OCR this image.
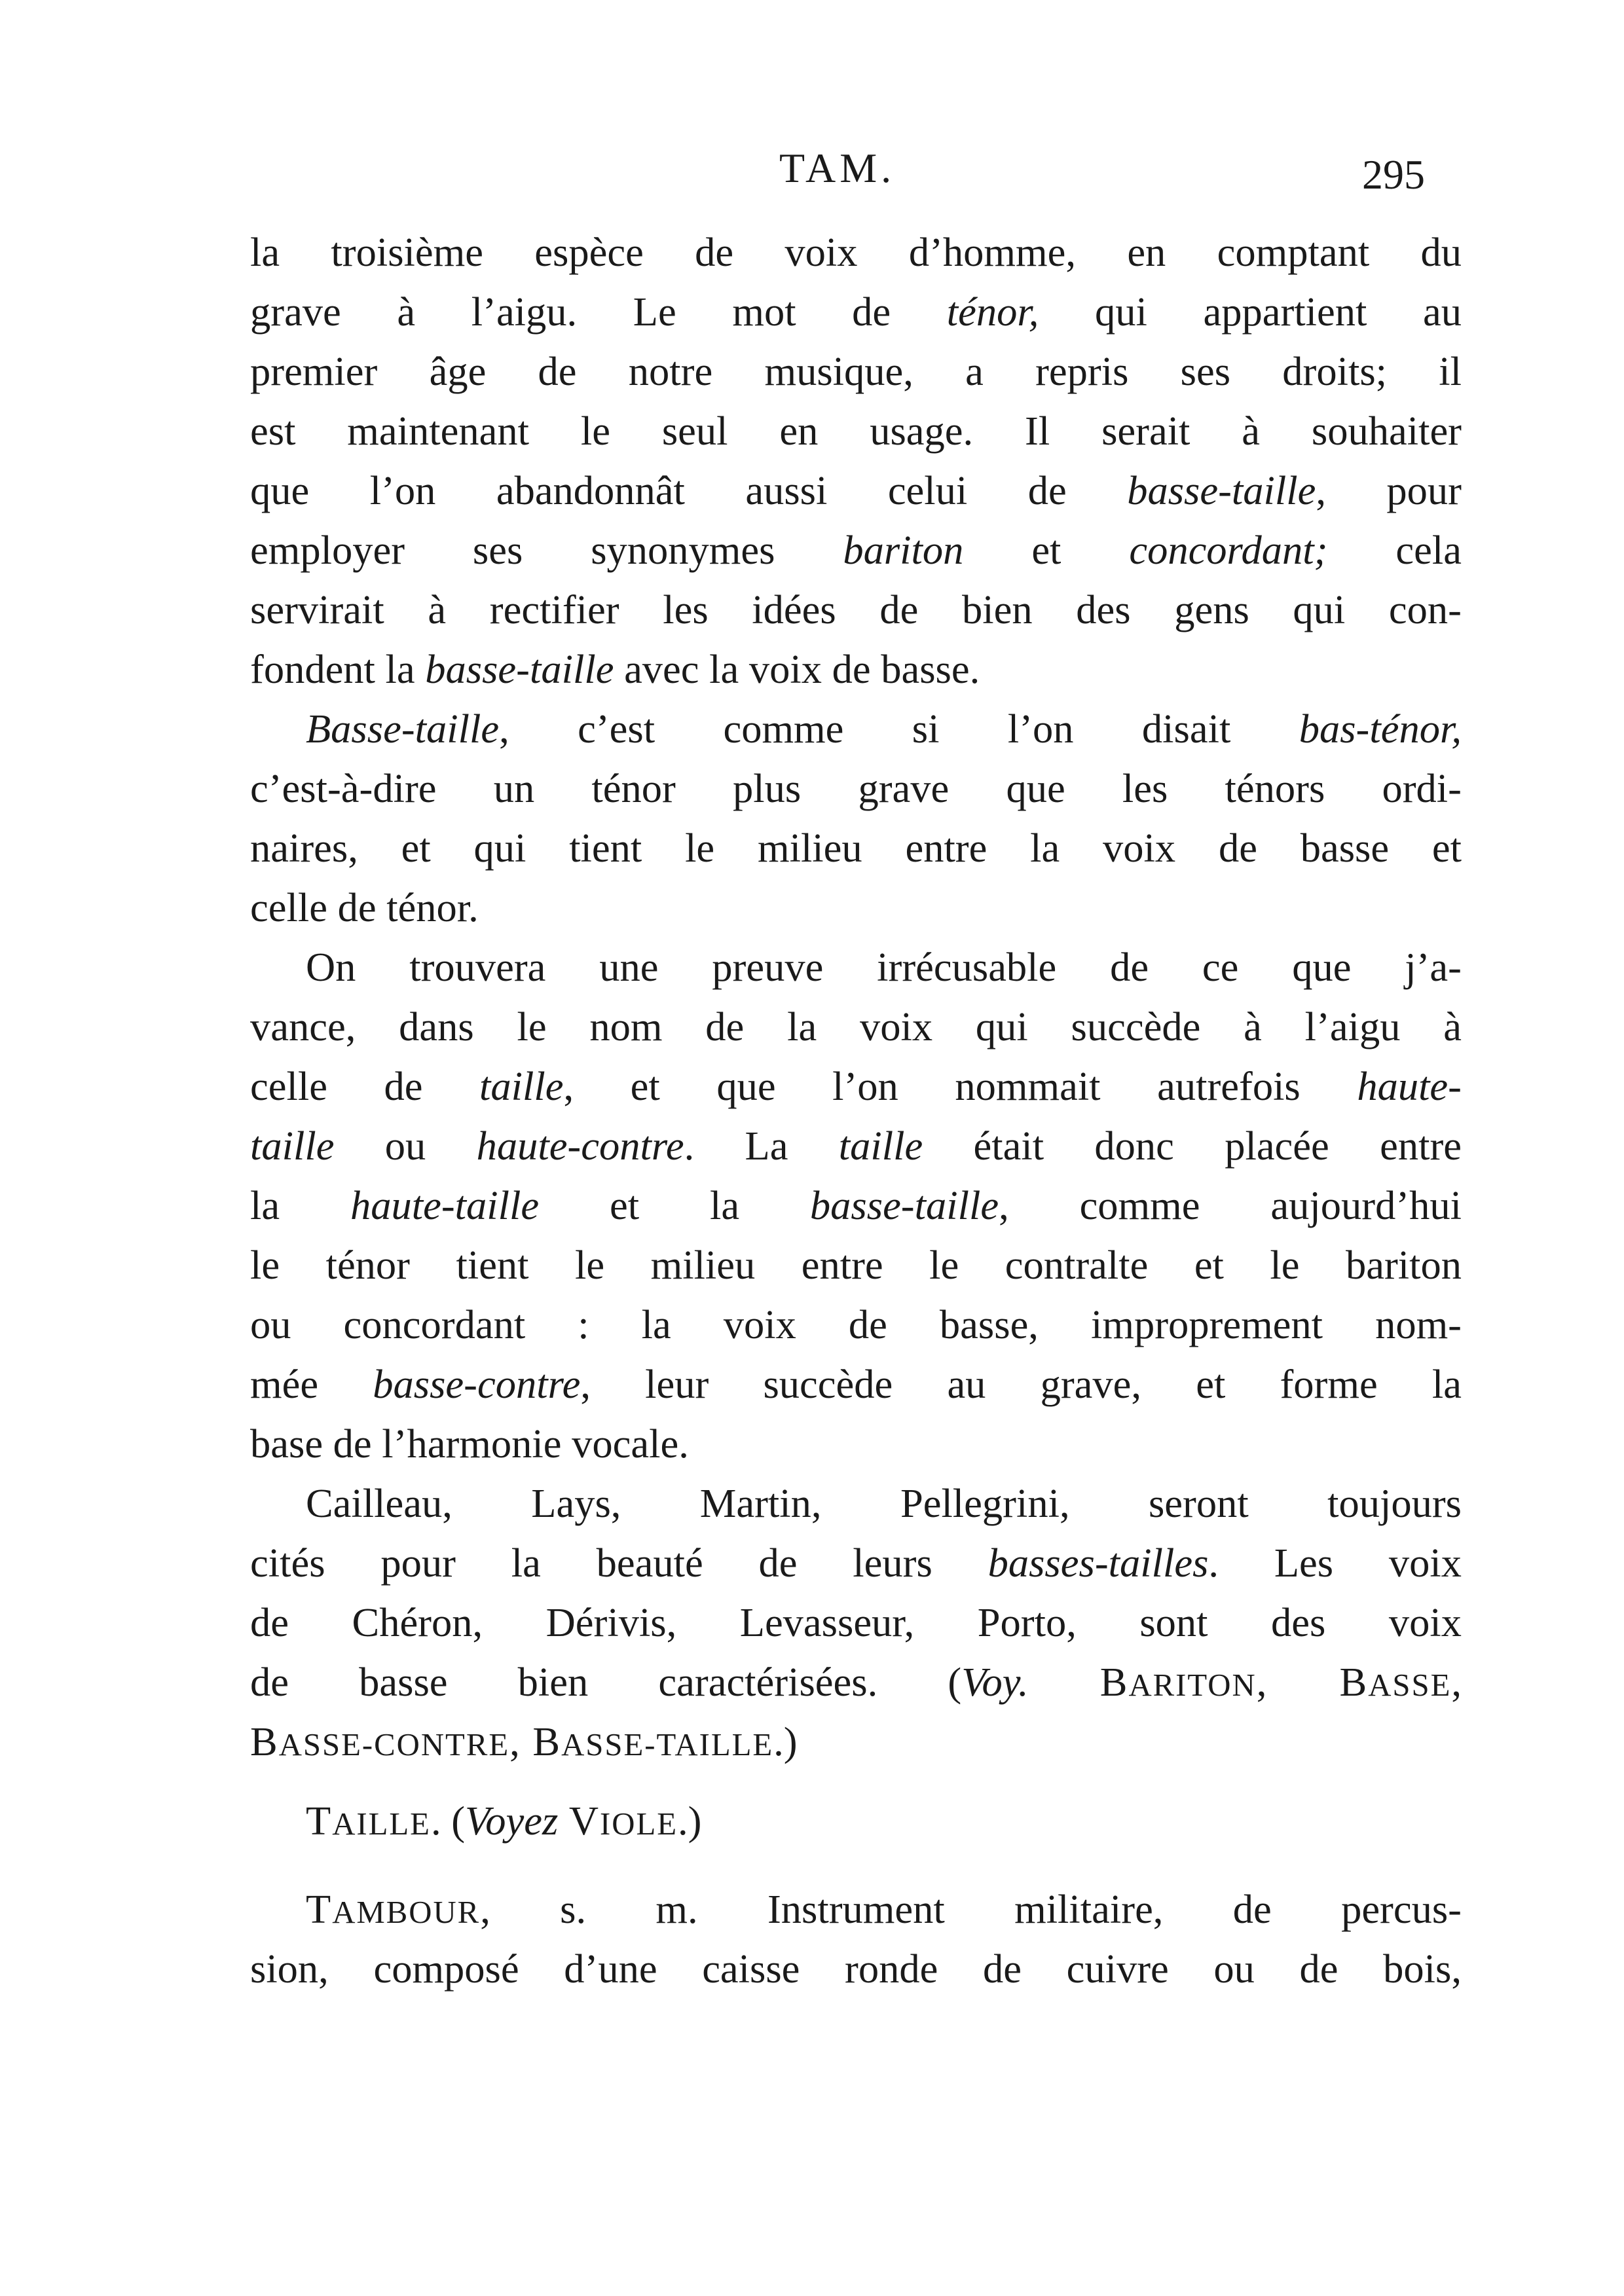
TAM.	295
la troisième espèce de voix d’homme, en comptant du
grave à l’aigu. Le mot de ténor, qui appartient au
premier âge de notre musique, a repris ses droits; il
est maintenant le seul en usage. Il serait à souhaiter
que l’on abandonnât aussi celui de basse-taille, pour
employer ses synonymes bariton et concordant; cela
servirait à rectifier les idées de bien des gens qui con-
fondent la basse-taille avec la voix de basse.
Basse-taille, c’est comme si l’on disait bas-ténor,
c’est-à-dire un ténor plus grave que les ténors ordi-
naires, et qui tient le milieu entre la voix de basse et
celle de ténor.
On trouvera une preuve irrécusable de ce que j’a-
vance, dans le nom de la voix qui succède à l’aigu à
celle de taille, et que l’on nommait autrefois haute-
taille ou haute-contre. La taille était donc placée entre
la haute-taille et la basse-taille, comme aujourd’hui
le ténor tient le milieu entre le contralte et le bariton
ou concordant : la voix de basse, improprement nom-
mée basse-contre, leur succède au grave, et forme la
base de l’harmonie vocale.
Cailleau, Lays, Martin, Pellegrini, seront toujours
cités pour la beauté de leurs basses-tailles. Les voix
de Chéron, Dérivis, Levasseur, Porto, sont des voix
de basse bien caractérisées. (Voy. BARITON, BASSE,
BASSE-CONTRE, BASSE-TAILLE.)
TAILLE. (Voyez VIOLE.)
TAMBOUR, s. m. Instrument militaire, de percus-
sion, composé d’une caisse ronde de cuivre ou de bois,
